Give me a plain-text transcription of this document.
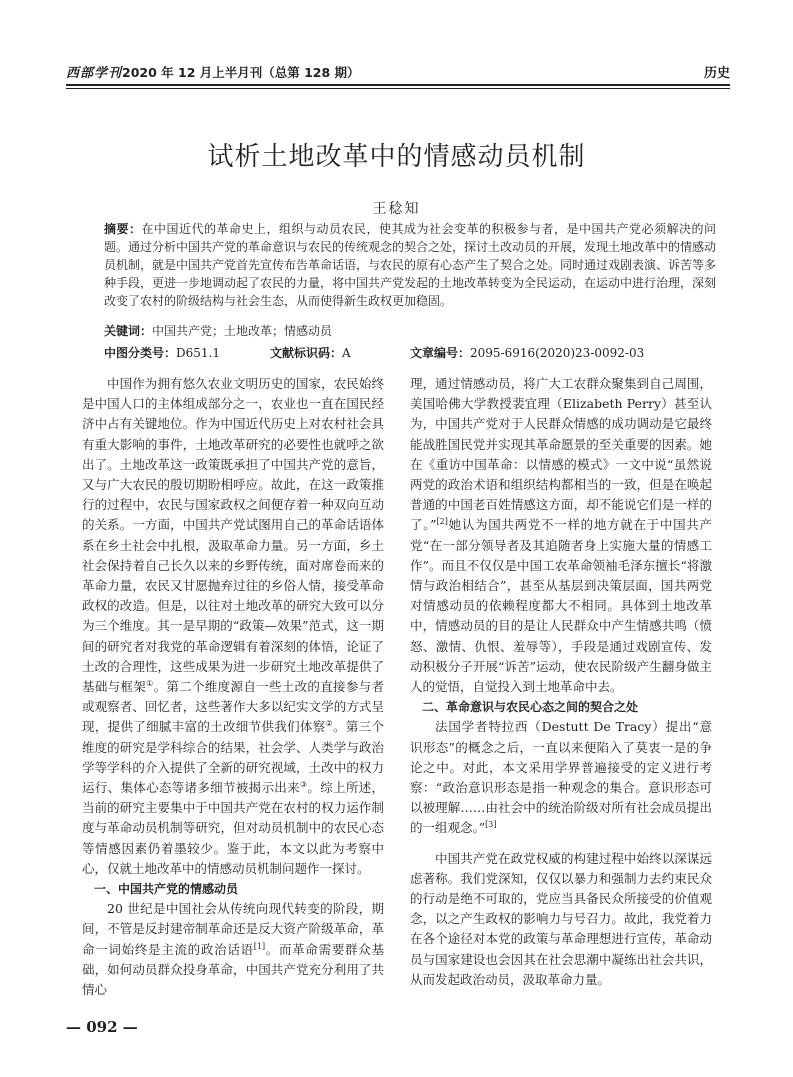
西部学刊2020 年 12 月上半月刊（总第 128 期）	历史
试析土地改革中的情感动员机制
王稔知
摘要：在中国近代的革命史上，组织与动员农民，使其成为社会变革的积极参与者，是中国共产党必须解决的问题。通过分析中国共产党的革命意识与农民的传统观念的契合之处，探讨土改动员的开展，发现土地改革中的情感动员机制，就是中国共产党首先宣传布告革命话语，与农民的原有心态产生了契合之处。同时通过戏剧表演、诉苦等多种手段，更进一步地调动起了农民的力量，将中国共产党发起的土地改革转变为全民运动，在运动中进行治理，深刻改变了农村的阶级结构与社会生态，从而使得新生政权更加稳固。
关键词：中国共产党；土地改革；情感动员
中图分类号：D651.1	文献标识码：A	文章编号：2095-6916(2020)23-0092-03

中国作为拥有悠久农业文明历史的国家，农民始终是中国人口的主体组成部分之一，农业也一直在国民经济中占有关键地位。作为中国近代历史上对农村社会具有重大影响的事件，土地改革研究的必要性也就呼之欲出了。土地改革这一政策既承担了中国共产党的意旨，又与广大农民的殷切期盼相呼应。故此，在这一政策推行的过程中，农民与国家政权之间便存着一种双向互动的关系。一方面，中国共产党试图用自己的革命话语体系在乡土社会中扎根，汲取革命力量。另一方面，乡土社会保持着自己长久以来的乡野传统，面对席卷而来的革命力量，农民又甘愿抛弃过往的乡俗人情，接受革命政权的改造。但是，以往对土地改革的研究大致可以分为三个维度。其一是早期的“政策—效果”范式，这一期间的研究者对我党的革命逻辑有着深刻的体悟，论证了土改的合理性，这些成果为进一步研究土地改革提供了基础与框架①。第二个维度源自一些土改的直接参与者或观察者、回忆者，这些著作大多以纪实文学的方式呈现，提供了细腻丰富的土改细节供我们体察②。第三个维度的研究是学科综合的结果，社会学、人类学与政治学等学科的介入提供了全新的研究视域，土改中的权力运行、集体心态等诸多细节被揭示出来③。综上所述，当前的研究主要集中于中国共产党在农村的权力运作制度与革命动员机制等研究，但对动员机制中的农民心态等情感因素仍着墨较少。鉴于此，本文以此为考察中心，仅就土地改革中的情感动员机制问题作一探讨。

一、中国共产党的情感动员

20 世纪是中国社会从传统向现代转变的阶段，期间，不管是反封建帝制革命还是反大资产阶级革命，革命一词始终是主流的政治话语[1]。而革命需要群众基础，如何动员群众投身革命，中国共产党充分利用了共情心

理，通过情感动员，将广大工农群众聚集到自己周围，美国哈佛大学教授裴宜理（Elizabeth Perry）甚至认为，中国共产党对于人民群众情感的成功调动是它最终能战胜国民党并实现其革命愿景的至关重要的因素。她在《重访中国革命：以情感的模式》一文中说“虽然说两党的政治术语和组织结构都相当的一致，但是在唤起普通的中国老百姓情感这方面，却不能说它们是一样的了。”[2]她认为国共两党不一样的地方就在于中国共产党“在一部分领导者及其追随者身上实施大量的情感工作”。而且不仅仅是中国工农革命领袖毛泽东擅长“将激情与政治相结合”，甚至从基层到决策层面，国共两党对情感动员的依赖程度都大不相同。具体到土地改革中，情感动员的目的是让人民群众中产生情感共鸣（愤怒、激情、仇恨、羞辱等），手段是通过戏剧宣传、发动积极分子开展“诉苦”运动，使农民阶级产生翻身做主人的觉悟，自觉投入到土地革命中去。

二、革命意识与农民心态之间的契合之处

法国学者特拉西（Destutt De Tracy）提出“意识形态”的概念之后，一直以来便陷入了莫衷一是的争论之中。对此，本文采用学界普遍接受的定义进行考察：“政治意识形态是指一种观念的集合。意识形态可以被理解……由社会中的统治阶级对所有社会成员提出的一组观念。”[3]

中国共产党在政党权威的构建过程中始终以深谋远虑著称。我们党深知，仅仅以暴力和强制力去约束民众的行动是绝不可取的，党应当具备民众所接受的价值观念，以之产生政权的影响力与号召力。故此，我党着力在各个途径对本党的政策与革命理想进行宣传，革命动员与国家建设也会因其在社会思潮中凝练出社会共识，从而发起政治动员，汲取革命力量。

— 092 —
